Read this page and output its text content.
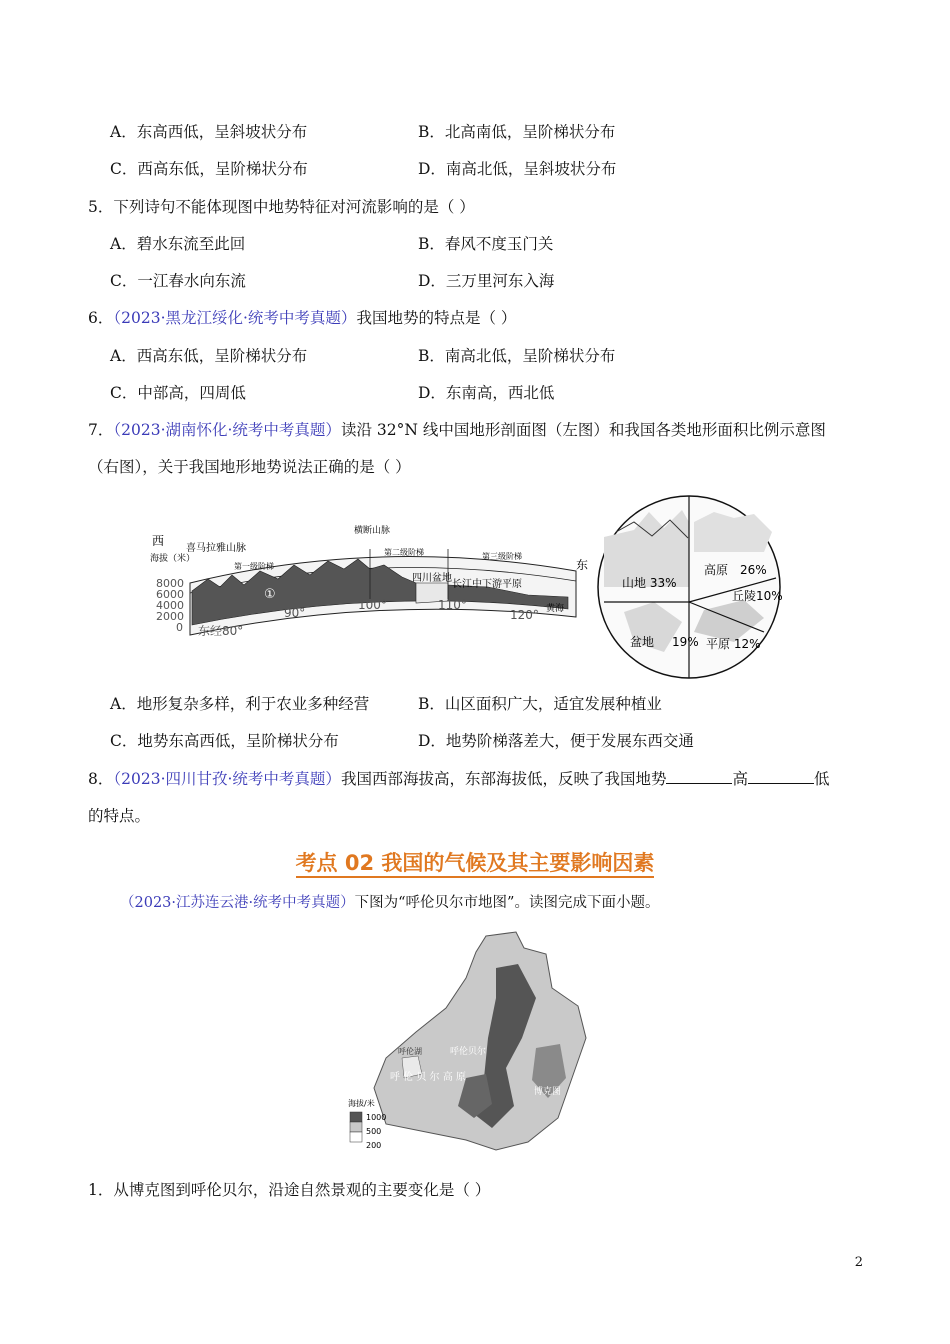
A．东高西低，呈斜坡状分布	B．北高南低，呈阶梯状分布
C．西高东低，呈阶梯状分布	D．南高北低，呈斜坡状分布
5．下列诗句不能体现图中地势特征对河流影响的是（ ）
A．碧水东流至此回	B．春风不度玉门关
C．一江春水向东流	D．三万里河东入海
6．（2023·黑龙江绥化·统考中考真题）我国地势的特点是（ ）
A．西高东低，呈阶梯状分布	B．南高北低，呈阶梯状分布
C．中部高，四周低	D．东南高，西北低
7．（2023·湖南怀化·统考中考真题）读沿 32°N 线中国地形剖面图（左图）和我国各类地形面积比例示意图
（右图），关于我国地形地势说法正确的是（ ）
西
海拔（米）	东
8000
6000
4000
2000
0 东经80°
90°
100°	110°
120°
第一级阶梯
第二级阶梯	第三级阶梯
喜马拉雅山脉
横断山脉
四川盆地
长江中下游平原
黄海
①
山地 33%
高原 26%
丘陵10%
平原 12%
盆地 19%
A．地形复杂多样，利于农业多种经营	B．山区面积广大，适宜发展种植业
C．地势东高西低，呈阶梯状分布	D．地势阶梯落差大，便于发展东西交通
8．（2023·四川甘孜·统考中考真题）我国西部海拔高，东部海拔低，反映了我国地势	高	低
的特点。
考点 02 我国的气候及其主要影响因素
（2023·江苏连云港·统考中考真题）下图为“呼伦贝尔市地图”。读图完成下面小题。
呼伦湖	呼伦贝尔
呼 伦 贝 尔 高 原
博克图
海拔/米
1000
500
200
1．从博克图到呼伦贝尔，沿途自然景观的主要变化是（ ）
2
